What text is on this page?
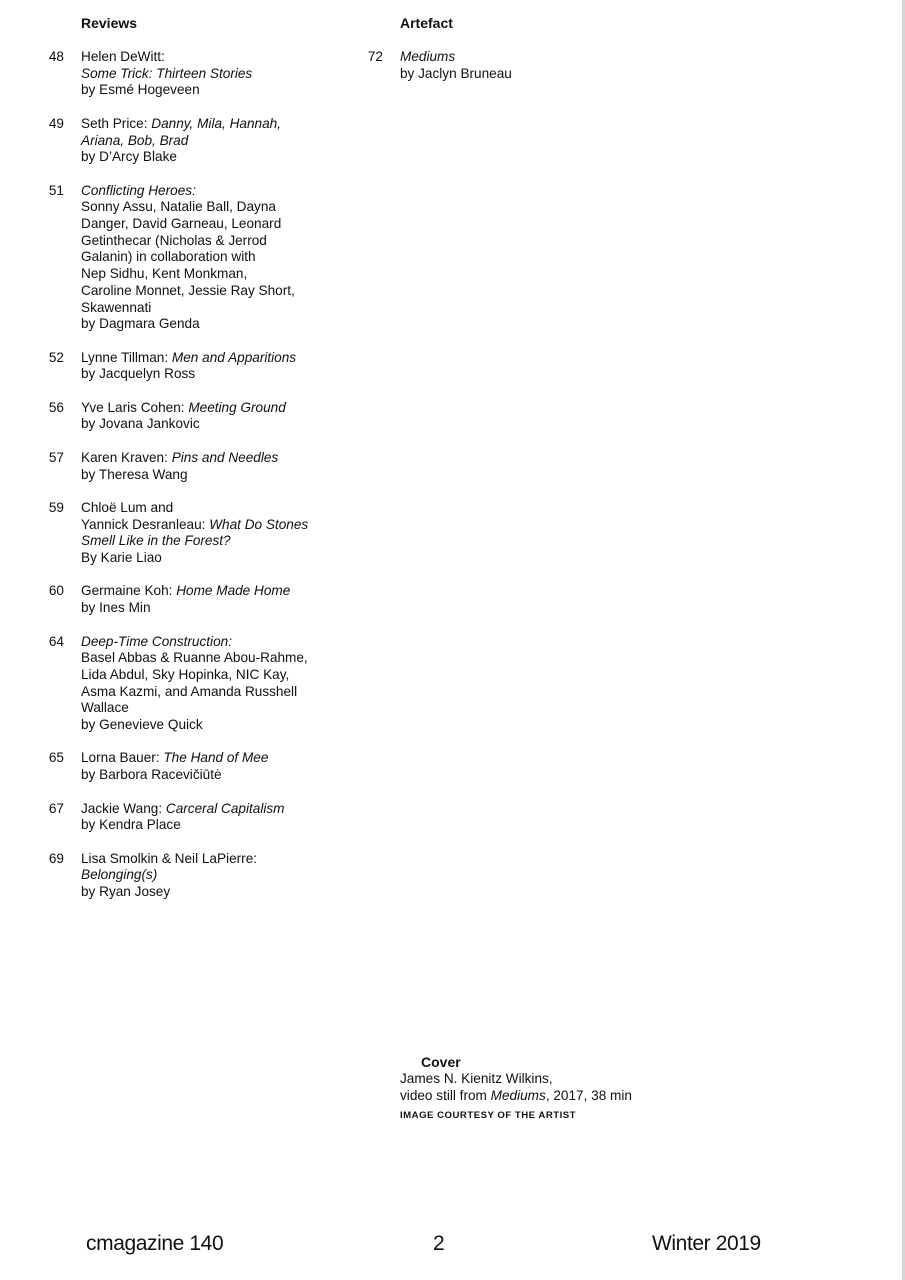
Reviews	Artefact
48 Helen DeWitt:
Some Trick: Thirteen Stories
by Esmé Hogeveen
49 Seth Price: Danny, Mila, Hannah,
Ariana, Bob, Brad
by D’Arcy Blake
51 Conflicting Heroes:
Sonny Assu, Natalie Ball, Dayna
Danger, David Garneau, Leonard
Getinthecar (Nicholas & Jerrod
Galanin) in collaboration with
Nep Sidhu, Kent Monkman,
Caroline Monnet, Jessie Ray Short,
Skawennati
by Dagmara Genda
52 Lynne Tillman: Men and Apparitions
by Jacquelyn Ross
56 Yve Laris Cohen: Meeting Ground
by Jovana Jankovic
57 Karen Kraven: Pins and Needles
by Theresa Wang
59 Chloë Lum and
Yannick Desranleau: What Do Stones
Smell Like in the Forest?
By Karie Liao
60 Germaine Koh: Home Made Home
by Ines Min
64 Deep-Time Construction:
Basel Abbas & Ruanne Abou-Rahme,
Lida Abdul, Sky Hopinka, NIC Kay,
Asma Kazmi, and Amanda Russhell
Wallace
by Genevieve Quick
65 Lorna Bauer: The Hand of Mee
by Barbora Racevičiūtė
67 Jackie Wang: Carceral Capitalism
by Kendra Place
69 Lisa Smolkin & Neil LaPierre:
Belonging(s)
by Ryan Josey
72 Mediums
by Jaclyn Bruneau
Cover
James N. Kienitz Wilkins,
video still from Mediums, 2017, 38 min
IMAGE COURTESY OF THE ARTIST
cmagazine 140	2	Winter 2019
